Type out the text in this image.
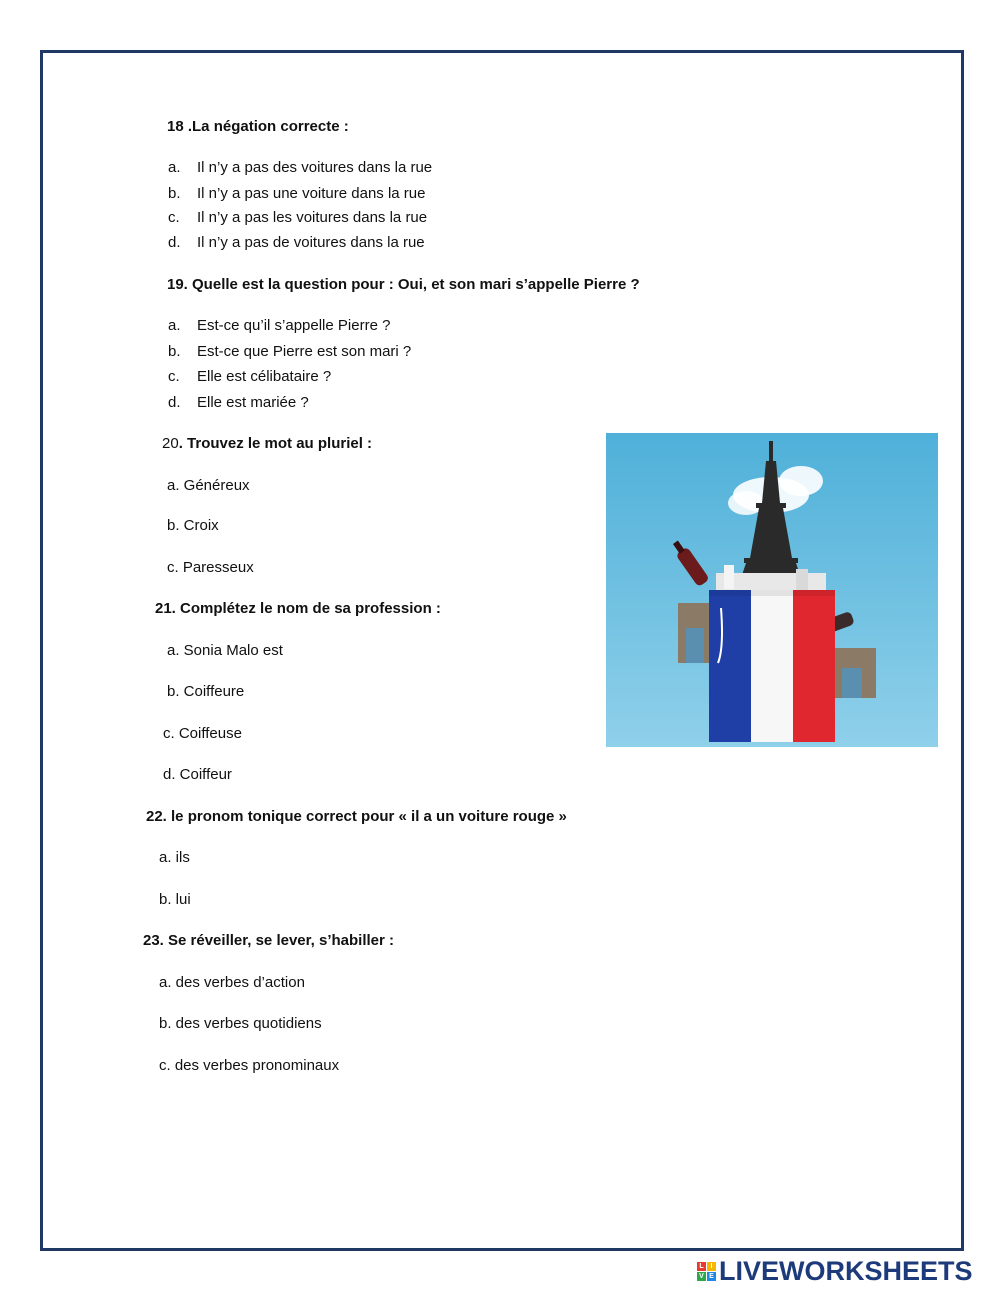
18 .La négation correcte :
a. Il n’y a pas des voitures dans la rue
b. Il n’y a pas une voiture dans la rue
c. Il n’y a pas les voitures dans la rue
d. Il n’y a pas de voitures dans la rue
19. Quelle est la question pour : Oui, et son mari s’appelle Pierre ?
a. Est-ce qu’il s’appelle Pierre ?
b. Est-ce que Pierre est son mari ?
c. Elle est célibataire ?
d. Elle est mariée ?
20. Trouvez le mot au pluriel :
a. Généreux
b. Croix
c. Paresseux
21. Complétez le nom de sa profession :
a. Sonia Malo est
b. Coiffeure
c. Coiffeuse
d. Coiffeur
22. le pronom tonique correct pour « il a un voiture rouge »
a. ils
b. lui
23. Se réveiller, se lever, s’habiller :
a. des verbes d’action
b. des verbes quotidiens
c. des verbes pronominaux
L I
V E LIVEWORKSHEETS
